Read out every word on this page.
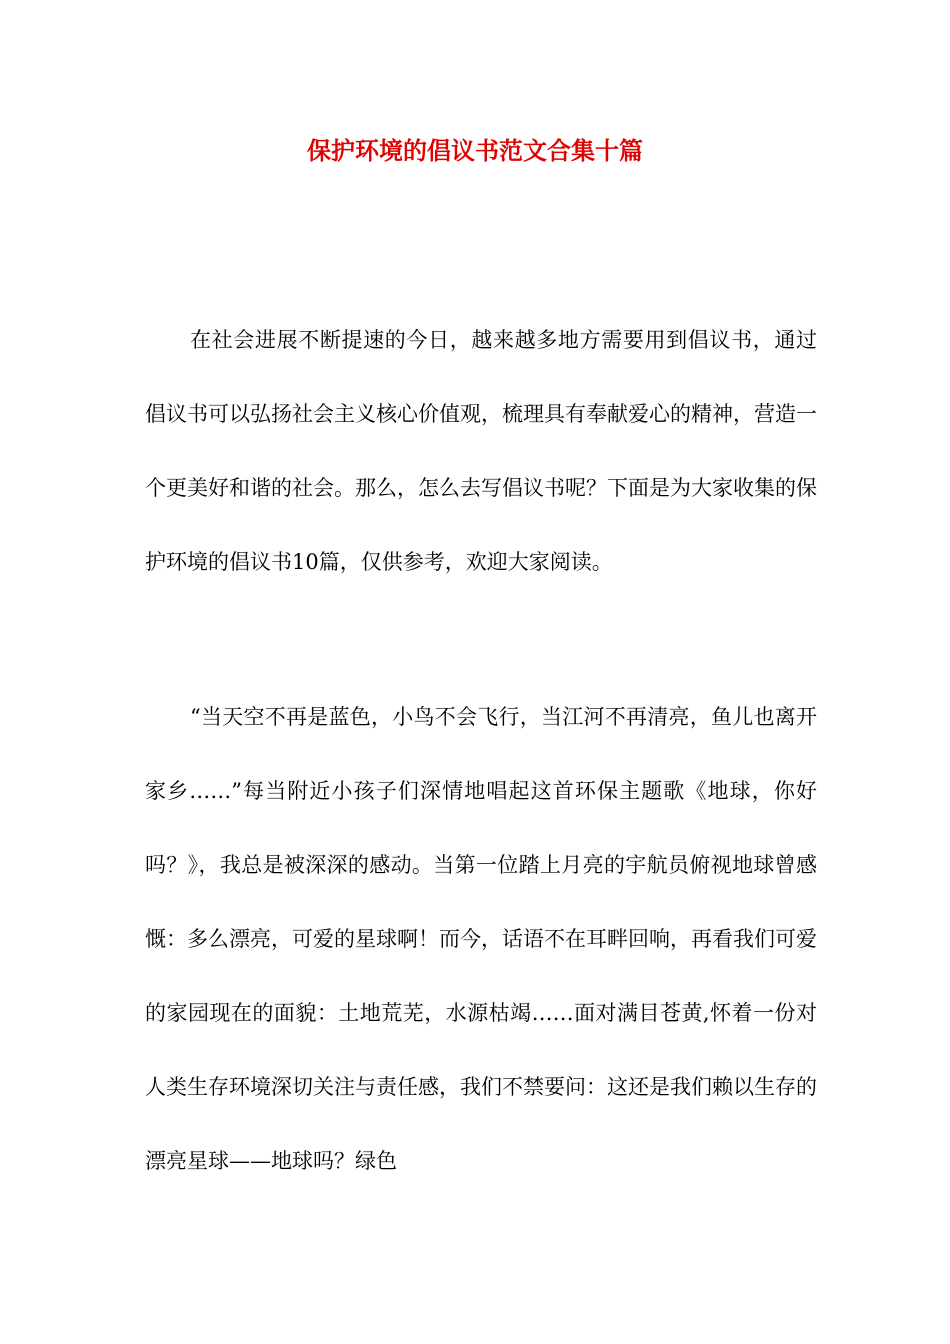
保护环境的倡议书范文合集十篇

在社会进展不断提速的今日，越来越多地方需要用到倡议书，通过倡议书可以弘扬社会主义核心价值观，梳理具有奉献爱心的精神，营造一个更美好和谐的社会。那么，怎么去写倡议书呢？下面是为大家收集的保护环境的倡议书10篇，仅供参考，欢迎大家阅读。

“当天空不再是蓝色，小鸟不会飞行，当江河不再清亮，鱼儿也离开家乡……”每当附近小孩子们深情地唱起这首环保主题歌《地球，你好吗？》，我总是被深深的感动。当第一位踏上月亮的宇航员俯视地球曾感慨：多么漂亮，可爱的星球啊！而今，话语不在耳畔回响，再看我们可爱的家园现在的面貌：土地荒芜，水源枯竭……面对满目苍黄,怀着一份对人类生存环境深切关注与责任感，我们不禁要问：这还是我们赖以生存的漂亮星球——地球吗？绿色
